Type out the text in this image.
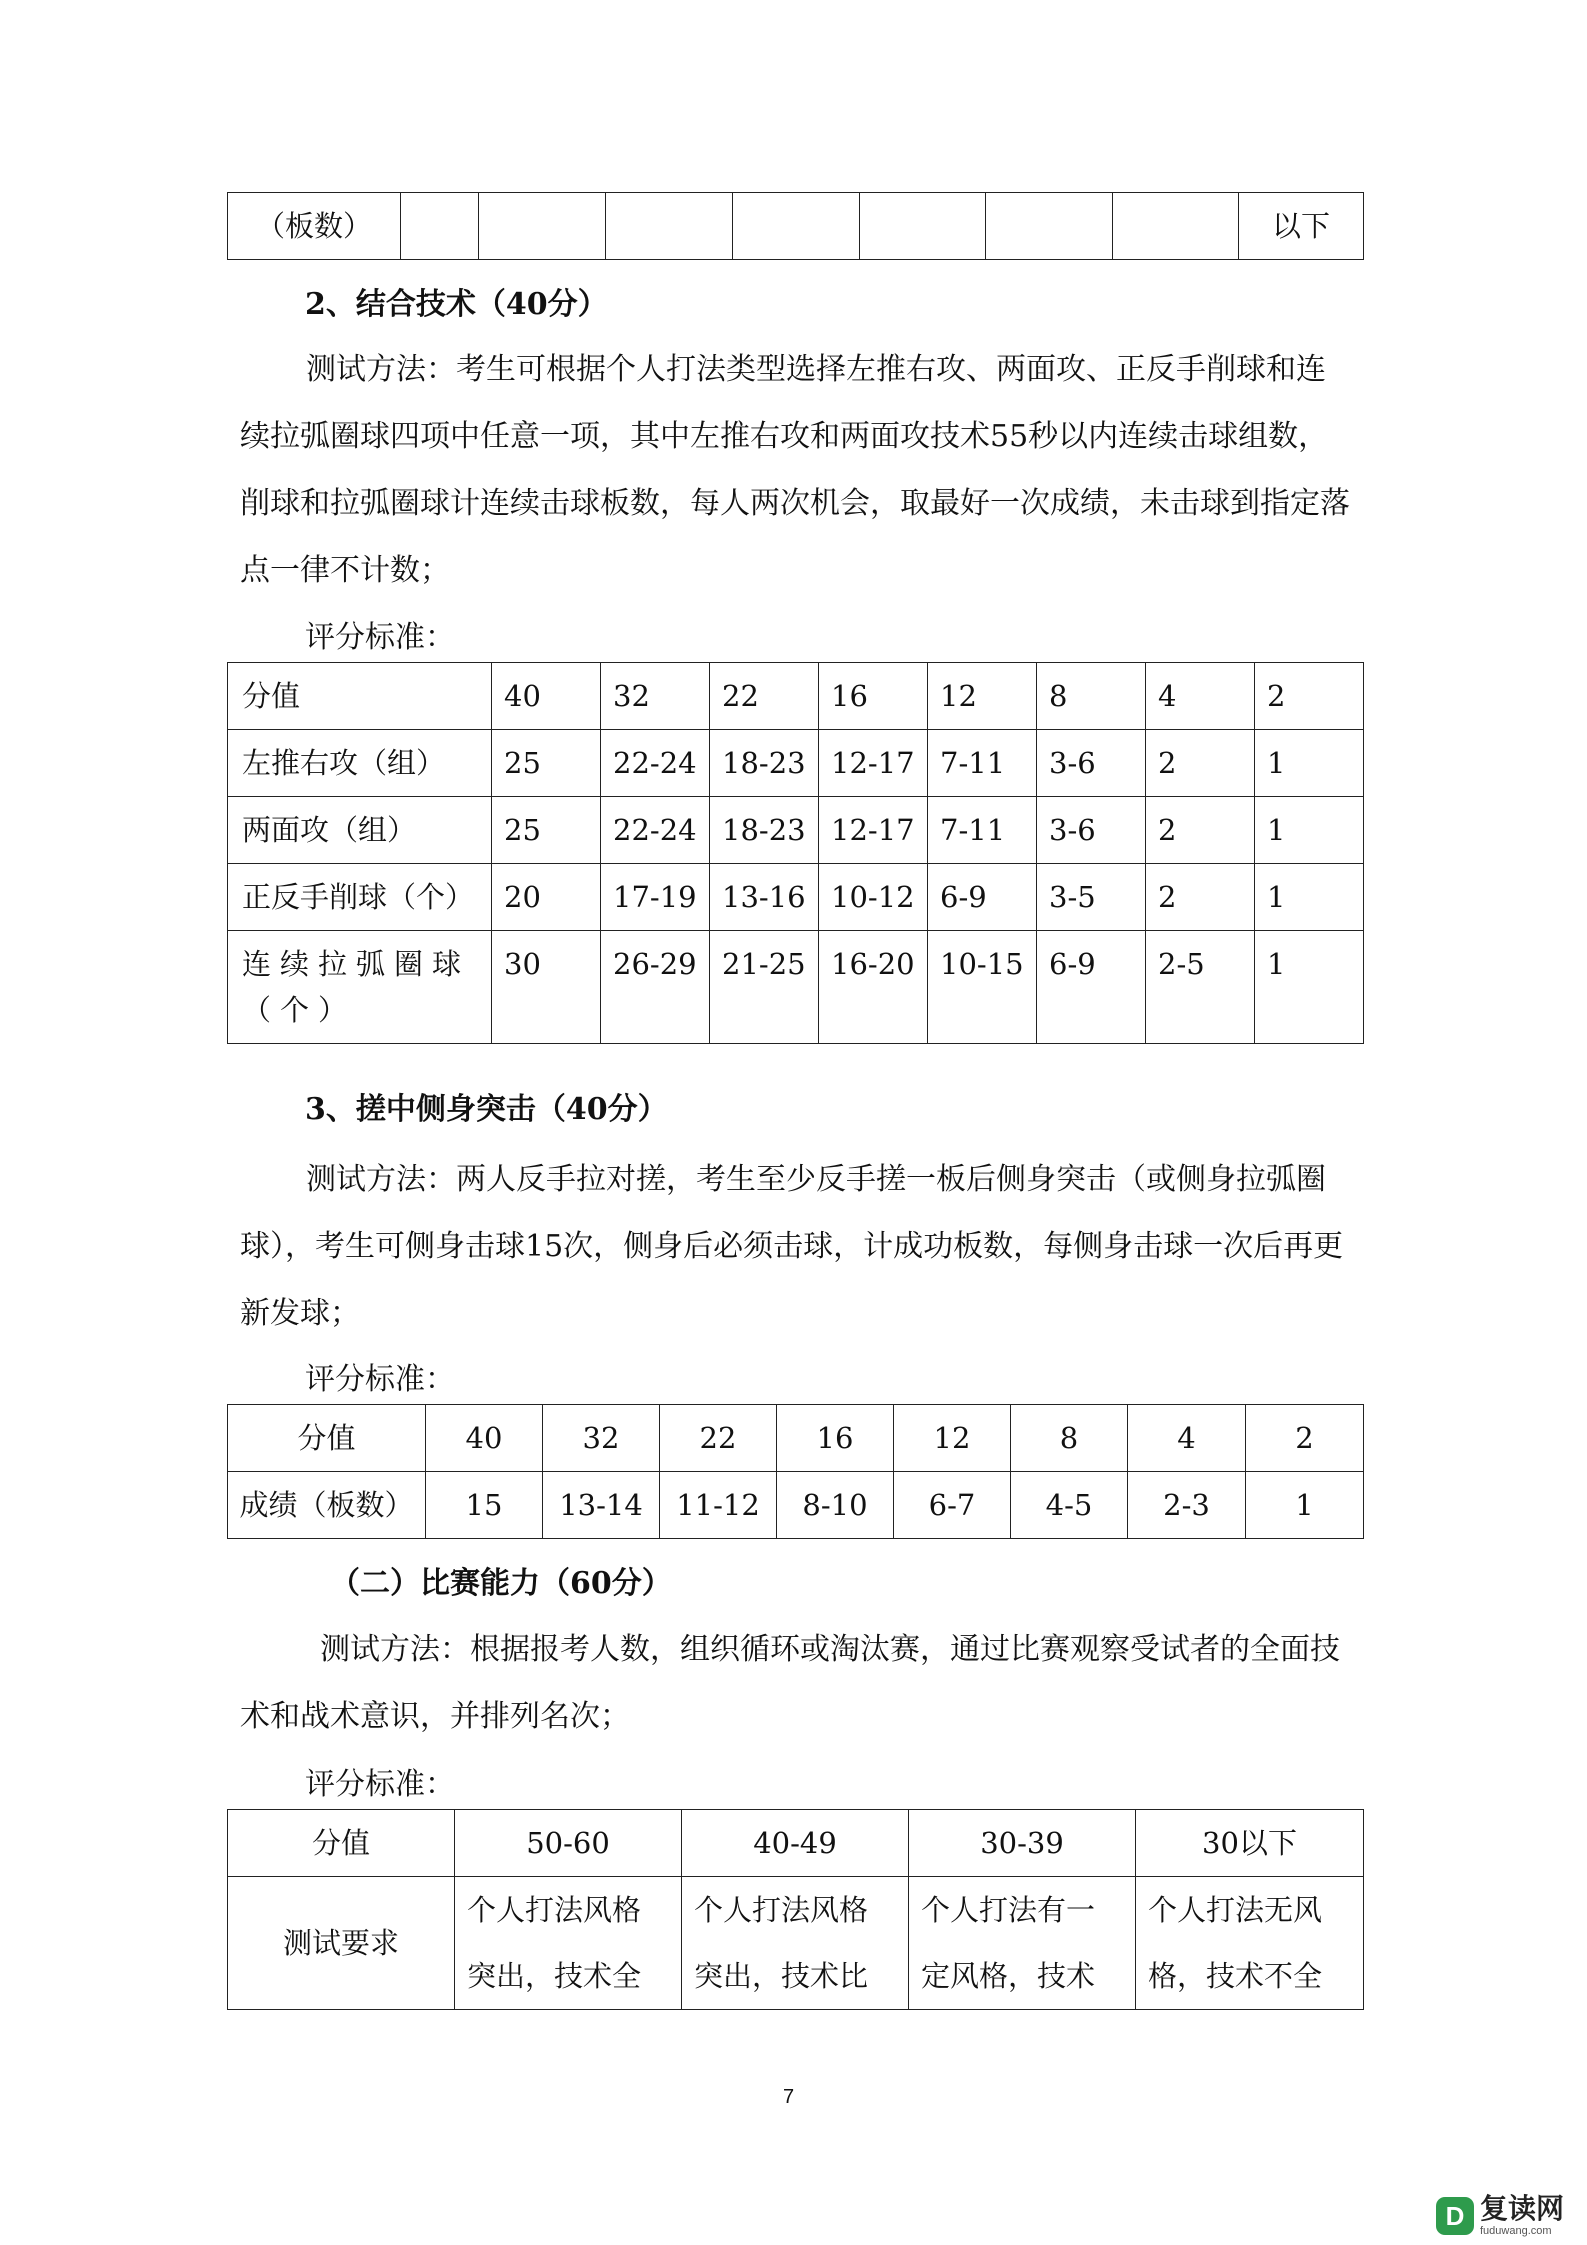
（板数）								以下
2、结合技术（40分）
测试方法：考生可根据个人打法类型选择左推右攻、两面攻、正反手削球和连续拉弧圈球四项中任意一项，其中左推右攻和两面攻技术55秒以内连续击球组数，削球和拉弧圈球计连续击球板数，每人两次机会，取最好一次成绩，未击球到指定落点一律不计数；
评分标准：
分值	40	32	22	16	12	8	4	2
左推右攻（组）	25	22-24	18-23	12-17	7-11	3-6	2	1
两面攻（组）	25	22-24	18-23	12-17	7-11	3-6	2	1
正反手削球（个）	20	17-19	13-16	10-12	6-9	3-5	2	1
连续拉弧圈球（个）	30	26-29	21-25	16-20	10-15	6-9	2-5	1
3、搓中侧身突击（40分）
测试方法：两人反手拉对搓，考生至少反手搓一板后侧身突击（或侧身拉弧圈球），考生可侧身击球15次，侧身后必须击球，计成功板数，每侧身击球一次后再更新发球；
评分标准：
分值	40	32	22	16	12	8	4	2
成绩（板数）	15	13-14	11-12	8-10	6-7	4-5	2-3	1
（二）比赛能力（60分）
测试方法：根据报考人数，组织循环或淘汰赛，通过比赛观察受试者的全面技术和战术意识，并排列名次；
评分标准：
分值	50-60	40-49	30-39	30以下
测试要求	个人打法风格突出，技术全	个人打法风格突出，技术比	个人打法有一定风格，技术	个人打法无风格，技术不全
7
D 复读网
fuduwang.com
